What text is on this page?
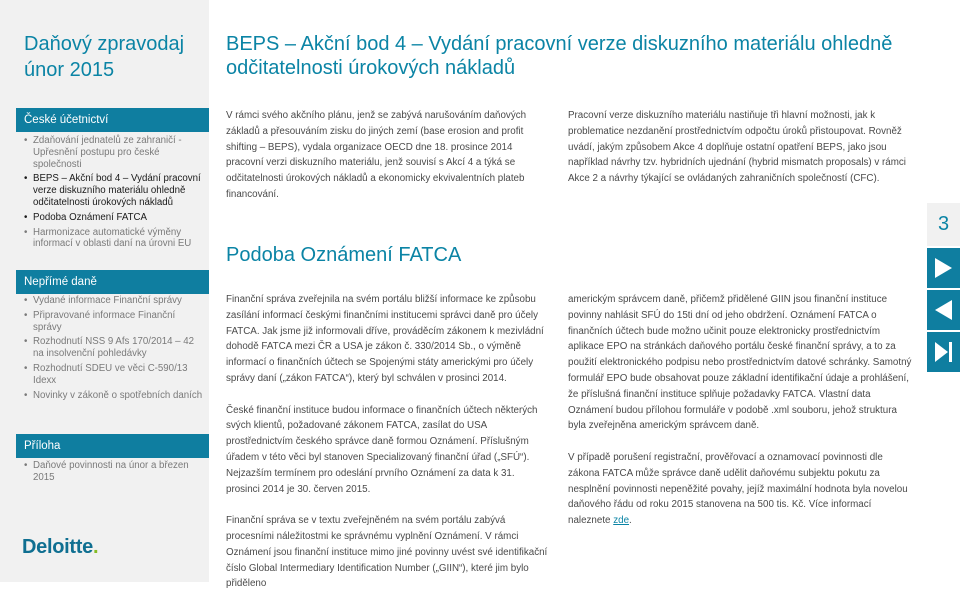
Daňový zpravodaj
únor 2015
České účetnictví
• Zdaňování jednatelů ze zahraničí - Upřesnění postupu pro české společnosti
• BEPS – Akční bod 4 – Vydání pracovní verze diskuzního materiálu ohledně odčitatelnosti úrokových nákladů
• Podoba Oznámení FATCA
• Harmonizace automatické výměny informací v oblasti daní na úrovni EU
Nepřímé daně
• Vydané informace Finanční správy
• Připravované informace Finanční správy
• Rozhodnutí NSS 9 Afs 170/2014 – 42 na insolvenční pohledávky
• Rozhodnutí SDEU ve věci C-590/13 Idexx
• Novinky v zákoně o spotřebních daních
Příloha
• Daňové povinnosti na únor a březen 2015
Deloitte.
BEPS – Akční bod 4 – Vydání pracovní verze diskuzního materiálu ohledně odčitatelnosti úrokových nákladů
V rámci svého akčního plánu, jenž se zabývá narušováním daňových základů a přesouváním zisku do jiných zemí (base erosion and profit shifting – BEPS), vydala organizace OECD dne 18. prosince 2014 pracovní verzi diskuzního materiálu, jenž souvisí s Akcí 4 a týká se odčitatelnosti úrokových nákladů a ekonomicky ekvivalentních plateb financování.
Pracovní verze diskuzního materiálu nastiňuje tři hlavní možnosti, jak k problematice nezdanění prostřednictvím odpočtu úroků přistoupovat. Rovněž uvádí, jakým způsobem Akce 4 doplňuje ostatní opatření BEPS, jako jsou například návrhy tzv. hybridních ujednání (hybrid mismatch proposals) v rámci Akce 2 a návrhy týkající se ovládaných zahraničních společností (CFC).
Podoba Oznámení FATCA

Finanční správa zveřejnila na svém portálu bližší informace ke způsobu zasílání informací českými finančními institucemi správci daně pro účely FATCA. Jak jsme již informovali dříve, prováděcím zákonem k mezivládní dohodě FATCA mezi ČR a USA je zákon č. 330/2014 Sb., o výměně informací o finančních účtech se Spojenými státy americkými pro účely správy daní („zákon FATCA“), který byl schválen v prosinci 2014.

České finanční instituce budou informace o finančních účtech některých svých klientů, požadované zákonem FATCA, zasílat do USA prostřednictvím českého správce daně formou Oznámení. Příslušným úřadem v této věci byl stanoven Specializovaný finanční úřad („SFÚ“). Nejzazším termínem pro odeslání prvního Oznámení za data k 31. prosinci 2014 je 30. červen 2015.

Finanční správa se v textu zveřejněném na svém portálu zabývá procesními náležitostmi ke správnému vyplnění Oznámení. V rámci Oznámení jsou finanční instituce mimo jiné povinny uvést své identifikační číslo Global Intermediary Identification Number („GIIN“), které jim bylo přiděleno

americkým správcem daně, přičemž přidělené GIIN jsou finanční instituce povinny nahlásit SFÚ do 15ti dní od jeho obdržení. Oznámení FATCA o finančních účtech bude možno učinit pouze elektronicky prostřednictvím aplikace EPO na stránkách daňového portálu české finanční správy, a to za použití elektronického podpisu nebo prostřednictvím datové schránky. Samotný formulář EPO bude obsahovat pouze základní identifikační údaje a prohlášení, že příslušná finanční instituce splňuje požadavky FATCA. Vlastní data Oznámení budou přílohou formuláře v podobě .xml souboru, jehož struktura byla zveřejněna americkým správcem daně.

V případě porušení registrační, prověřovací a oznamovací povinnosti dle zákona FATCA může správce daně udělit daňovému subjektu pokutu za nesplnění povinnosti nepeněžité povahy, jejíž maximální hodnota byla novelou daňového řádu od roku 2015 stanovena na 500 tis. Kč. Více informací naleznete zde.

3
